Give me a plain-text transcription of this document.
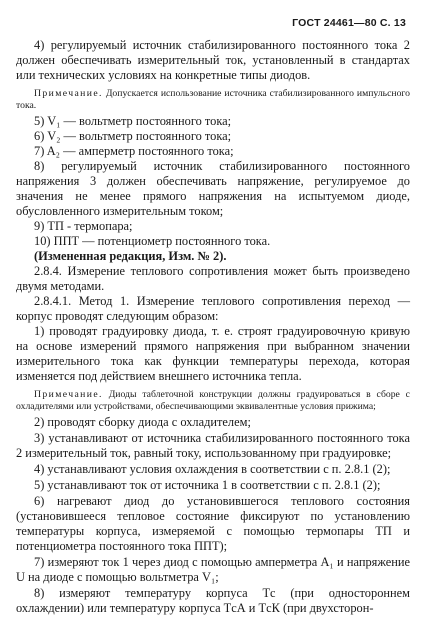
ГОСТ 24461—80 С. 13

4) регулируемый источник стабилизированного постоянного тока 2 должен обеспечивать измерительный ток, установленный в стандартах или технических условиях на конкретные типы диодов.

Примечание. Допускается использование источника стабилизированного импульсного тока.

5) V₁ — вольтметр постоянного тока;

6) V₂ — вольтметр постоянного тока;

7) A₂ — амперметр постоянного тока;

8) регулируемый источник стабилизированного постоянного напряжения 3 должен обеспечивать напряжение, регулируемое до значения не менее прямого напряжения на испытуемом диоде, обусловленного измерительным током;

9) ТП - термопара;

10) ППТ — потенциометр постоянного тока.

(Измененная редакция, Изм. № 2).

2.8.4. Измерение теплового сопротивления может быть произведено двумя методами.

2.8.4.1. Метод 1. Измерение теплового сопротивления переход — корпус проводят следующим образом:

1) проводят градуировку диода, т. е. строят градуировочную кривую на основе измерений прямого напряжения при выбранном значении измерительного тока как функции температуры перехода, которая изменяется под действием внешнего источника тепла.

Примечание. Диоды таблеточной конструкции должны градуироваться в сборе с охладителями или устройствами, обеспечивающими эквивалентные условия прижима;

2) проводят сборку диода с охладителем;

3) устанавливают от источника стабилизированного постоянного тока 2 измерительный ток, равный току, использованному при градуировке;

4) устанавливают условия охлаждения в соответствии с п. 2.8.1 (2);

5) устанавливают ток от источника 1 в соответствии с п. 2.8.1 (2);

6) нагревают диод до установившегося теплового состояния (установившееся тепловое состояние фиксируют по установлению температуры корпуса, измеряемой с помощью термопары ТП и потенциометра постоянного тока ППТ);

7) измеряют ток 1 через диод с помощью амперметра A₁ и напряжение U на диоде с помощью вольтметра V₁;

8) измеряют температуру корпуса Tс (при одностороннем охлаждении) или температуру корпуса TсА и TсК (при двухсторон-
